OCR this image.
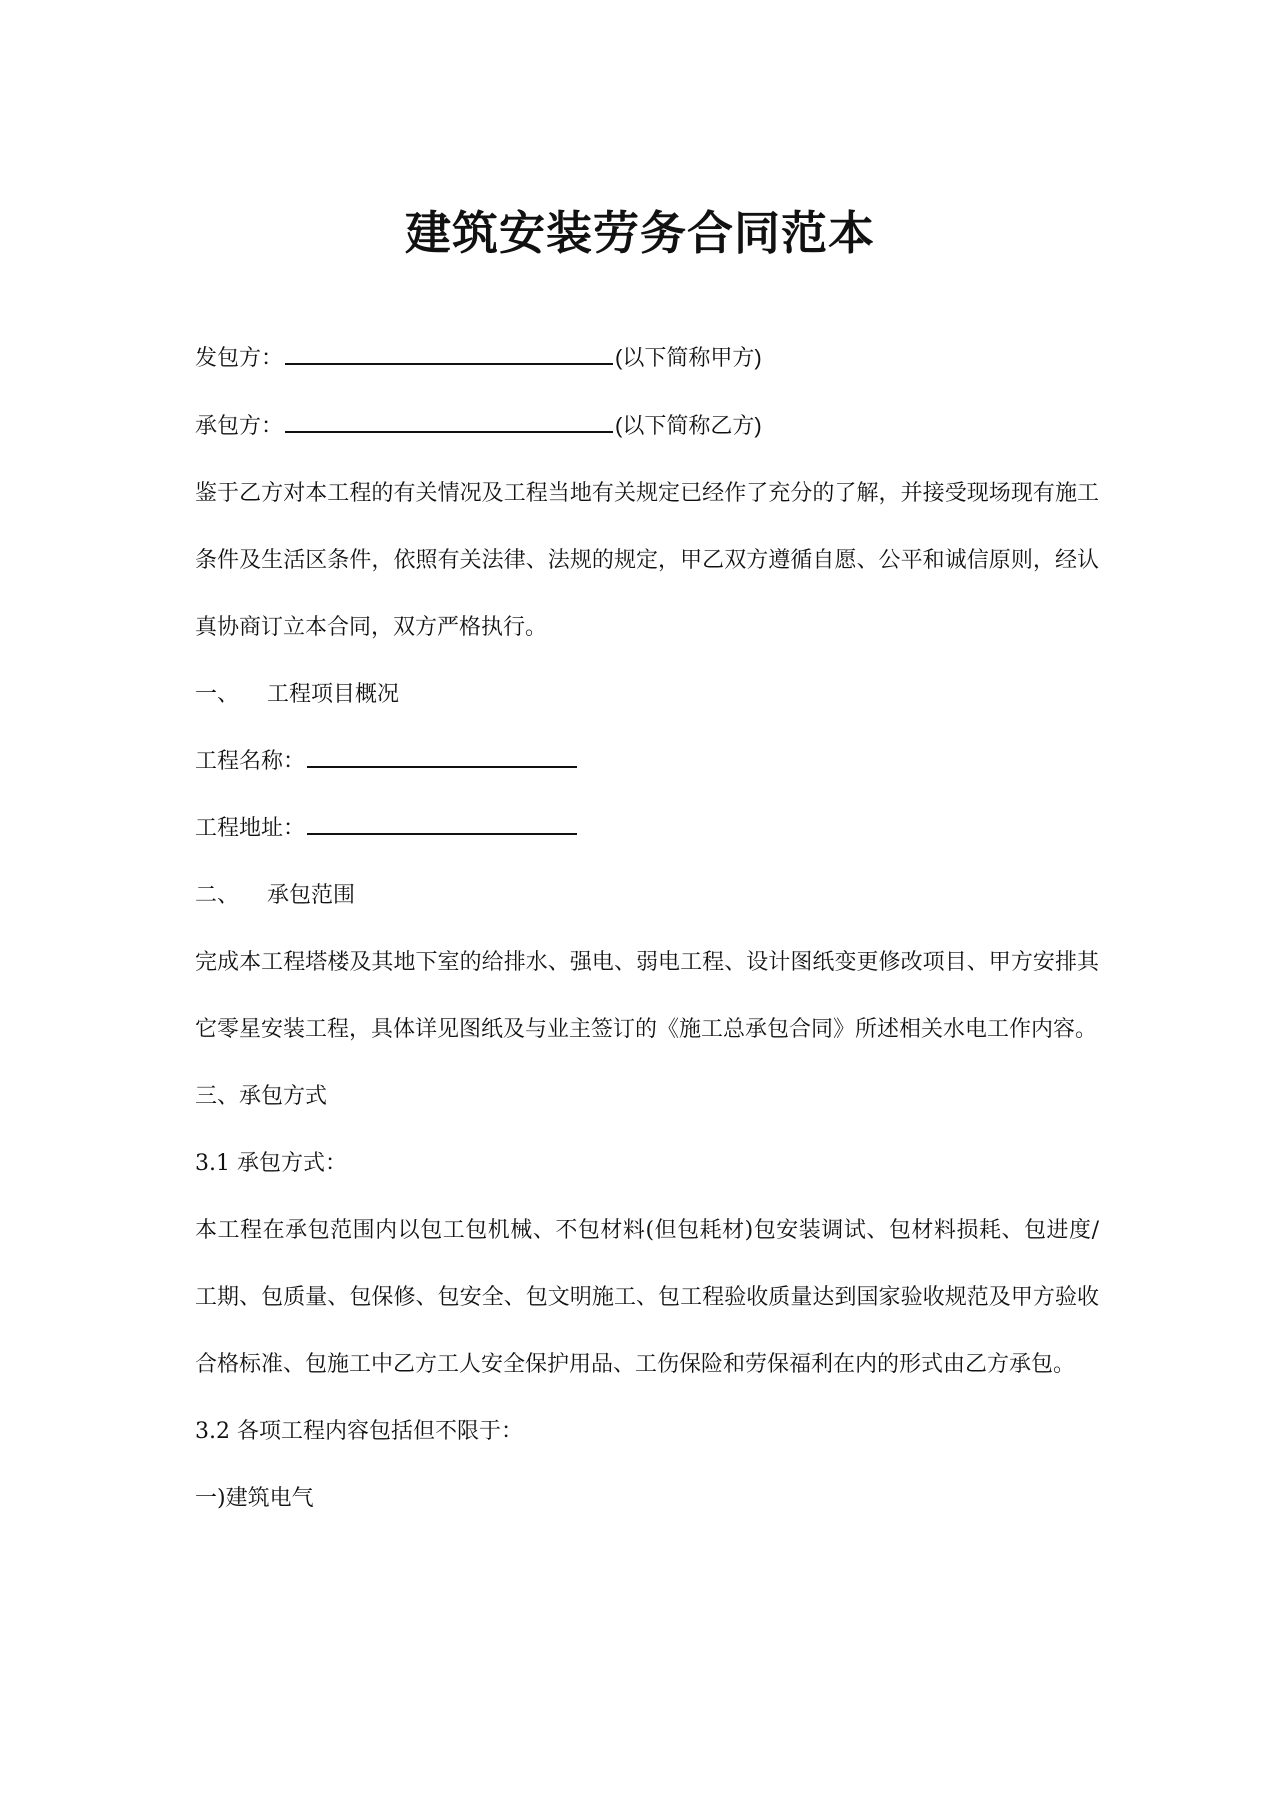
建筑安装劳务合同范本

发包方：	(以下简称甲方)

承包方：	(以下简称乙方)

鉴于乙方对本工程的有关情况及工程当地有关规定已经作了充分的了解，并接受现场现有施工条件及生活区条件，依照有关法律、法规的规定，甲乙双方遵循自愿、公平和诚信原则，经认真协商订立本合同，双方严格执行。

一、 工程项目概况

工程名称：

工程地址：

二、 承包范围

完成本工程塔楼及其地下室的给排水、强电、弱电工程、设计图纸变更修改项目、甲方安排其它零星安装工程，具体详见图纸及与业主签订的《施工总承包合同》所述相关水电工作内容。

三、承包方式

3.1 承包方式：

本工程在承包范围内以包工包机械、不包材料(但包耗材)包安装调试、包材料损耗、包进度/工期、包质量、包保修、包安全、包文明施工、包工程验收质量达到国家验收规范及甲方验收合格标准、包施工中乙方工人安全保护用品、工伤保险和劳保福利在内的形式由乙方承包。

3.2 各项工程内容包括但不限于：

一)建筑电气
